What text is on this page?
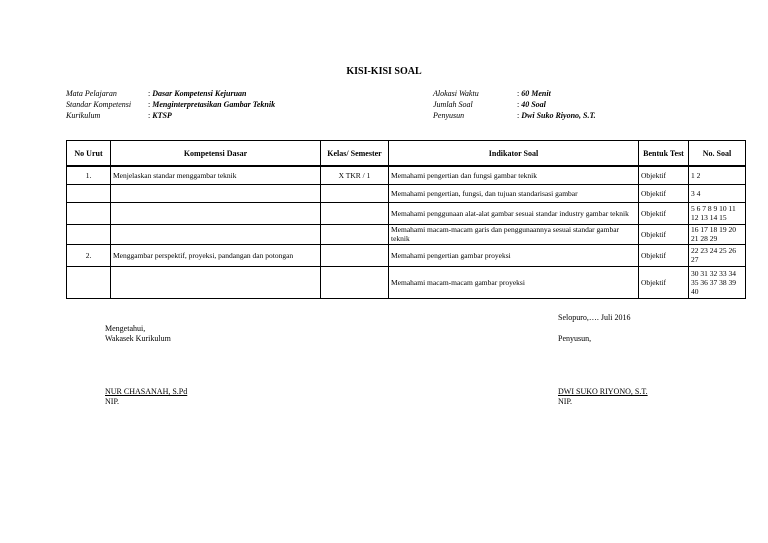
KISI-KISI SOAL
Mata Pelajaran	: Dasar Kompetensi Kejuruan
Standar Kompetensi	: Menginterpretasikan Gambar Teknik
Kurikulum	: KTSP
Alokasi Waktu	: 60 Menit
Jumlah Soal	: 40 Soal
Penyusun	: Dwi Suko Riyono, S.T.
No Urut	Kompetensi Dasar	Kelas/ Semester	Indikator Soal	Bentuk Test	No. Soal
1.	Menjelaskan standar menggambar teknik	X TKR / 1	Memahami pengertian dan fungsi gambar teknik	Objektif	1 2
			Memahami pengertian, fungsi, dan tujuan standarisasi gambar	Objektif	3 4
			Memahami penggunaan alat-alat gambar sesuai standar industry gambar teknik	Objektif	5 6 7 8 9 10 11 12 13 14 15
			Memahami macam-macam garis dan penggunaannya sesuai standar gambar teknik	Objektif	16 17 18 19 20 21 28 29
2.	Menggambar perspektif, proyeksi, pandangan dan potongan		Memahami pengertian gambar proyeksi	Objektif	22 23 24 25 26 27
			Memahami macam-macam gambar proyeksi	Objektif	30 31 32 33 34 35 36 37 38 39 40
Selopuro,…. Juli 2016
Mengetahui,
Wakasek Kurikulum	Penyusun,
NUR CHASANAH, S.Pd
NIP.
DWI SUKO RIYONO, S.T.
NIP.
